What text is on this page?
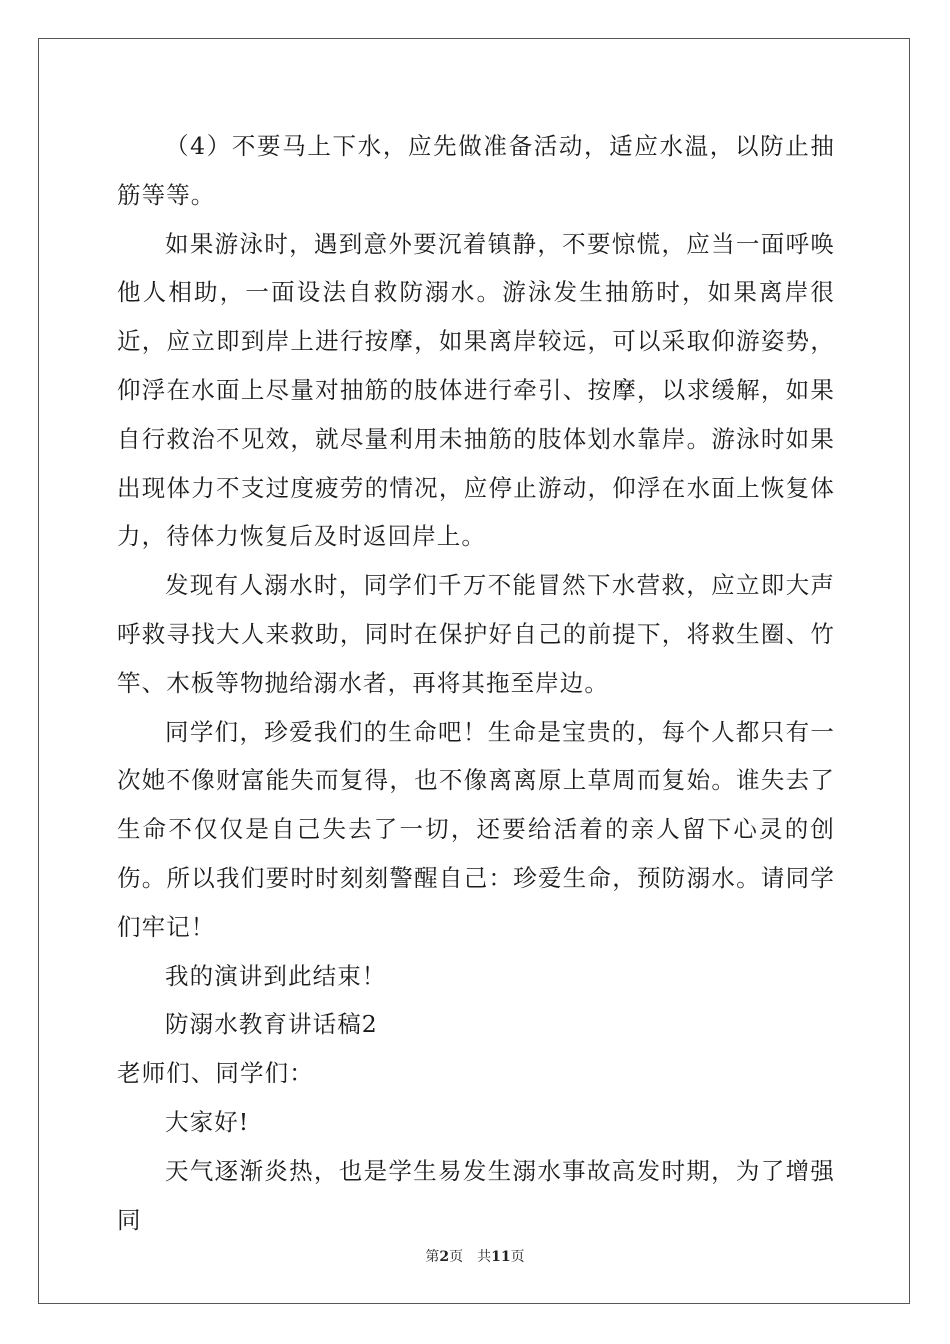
（4）不要马上下水，应先做准备活动，适应水温，以防止抽筋等等。

如果游泳时，遇到意外要沉着镇静，不要惊慌，应当一面呼唤他人相助，一面设法自救防溺水。游泳发生抽筋时，如果离岸很近，应立即到岸上进行按摩，如果离岸较远，可以采取仰游姿势，仰浮在水面上尽量对抽筋的肢体进行牵引、按摩，以求缓解，如果自行救治不见效，就尽量利用未抽筋的肢体划水靠岸。游泳时如果出现体力不支过度疲劳的情况，应停止游动，仰浮在水面上恢复体力，待体力恢复后及时返回岸上。

发现有人溺水时，同学们千万不能冒然下水营救，应立即大声呼救寻找大人来救助，同时在保护好自己的前提下，将救生圈、竹竿、木板等物抛给溺水者，再将其拖至岸边。

同学们，珍爱我们的生命吧！生命是宝贵的，每个人都只有一次她不像财富能失而复得，也不像离离原上草周而复始。谁失去了生命不仅仅是自己失去了一切，还要给活着的亲人留下心灵的创伤。所以我们要时时刻刻警醒自己：珍爱生命，预防溺水。请同学们牢记！

我的演讲到此结束！

防溺水教育讲话稿2

老师们、同学们：

大家好!

天气逐渐炎热，也是学生易发生溺水事故高发时期，为了增强同

第2页 共11页
